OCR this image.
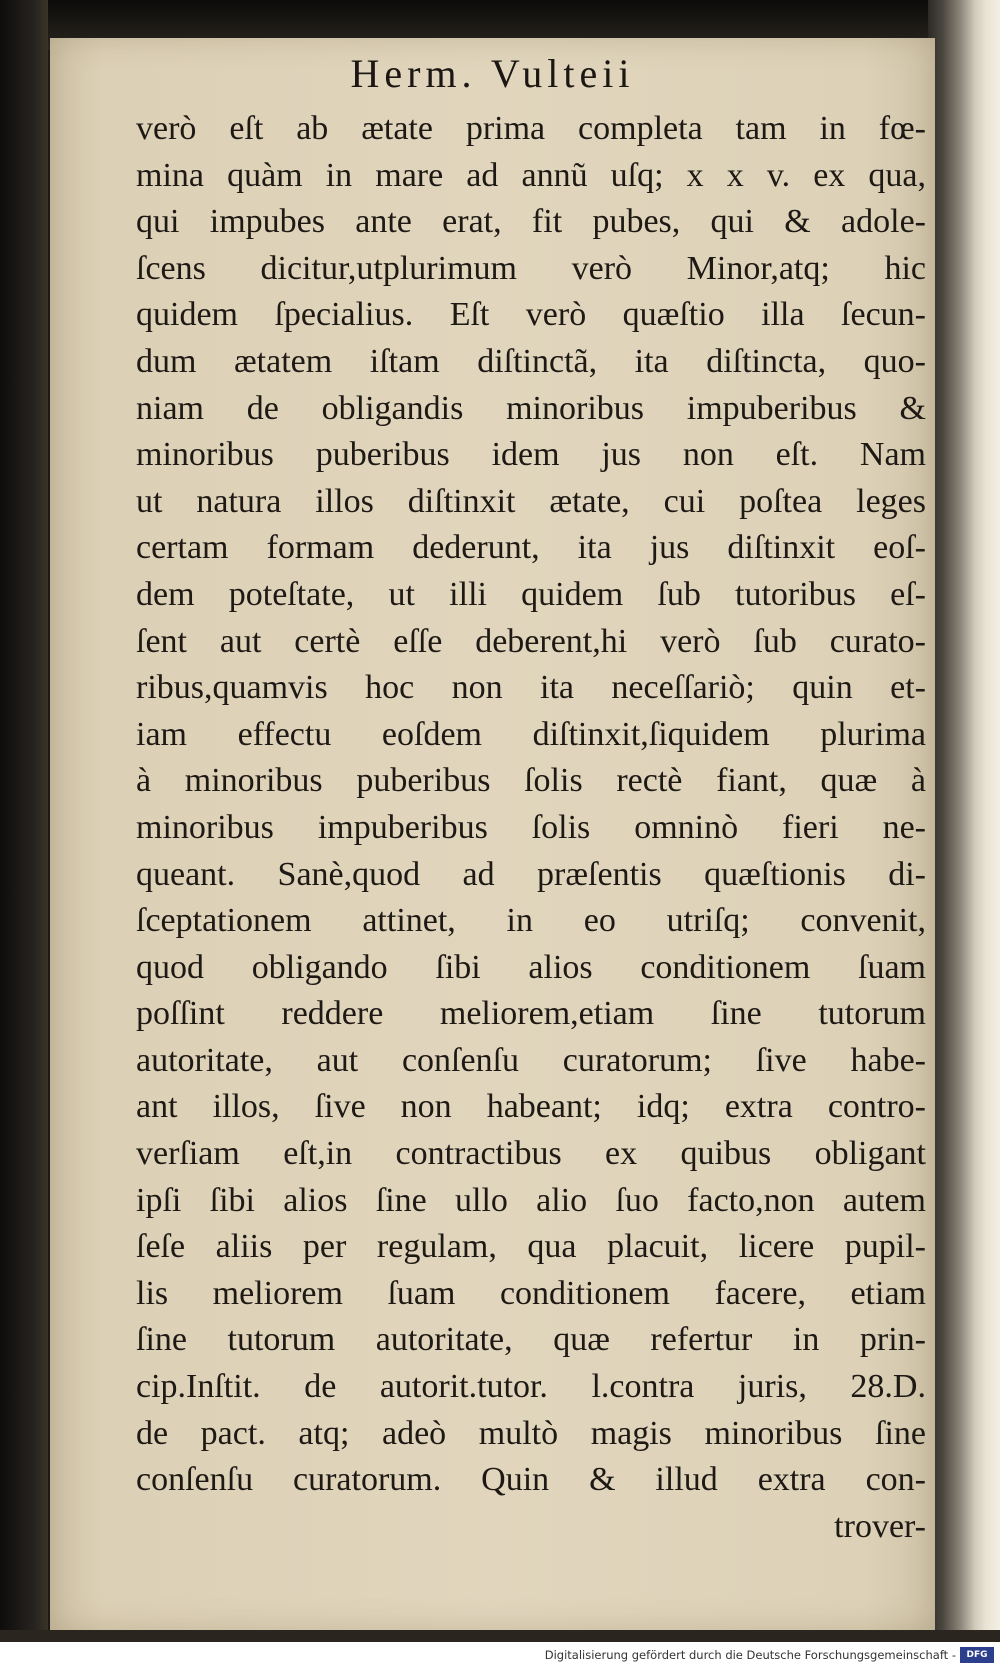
Herm. Vulteii
verò eſt ab ætate prima completa tam in fœ-
mina quàm in mare ad annũ uſq; x x v. ex qua,
qui impubes ante erat, fit pubes, qui & adole-
ſcens dicitur,utplurimum verò Minor,atq; hic
quidem ſpecialius. Eſt verò quæſtio illa ſecun-
dum ætatem iſtam diſtinctã, ita diſtincta, quo-
niam de obligandis minoribus impuberibus &
minoribus puberibus idem jus non eſt. Nam
ut natura illos diſtinxit ætate, cui poſtea leges
certam formam dederunt, ita jus diſtinxit eoſ-
dem poteſtate, ut illi quidem ſub tutoribus eſ-
ſent aut certè eſſe deberent,hi verò ſub curato-
ribus,quamvis hoc non ita neceſſariò; quin et-
iam effectu eoſdem diſtinxit,ſiquidem plurima
à minoribus puberibus ſolis rectè fiant, quæ à
minoribus impuberibus ſolis omninò fieri ne-
queant. Sanè,quod ad præſentis quæſtionis di-
ſceptationem attinet, in eo utriſq; convenit,
quod obligando ſibi alios conditionem ſuam
poſſint reddere meliorem,etiam ſine tutorum
autoritate, aut conſenſu curatorum; ſive habe-
ant illos, ſive non habeant; idq; extra contro-
verſiam eſt,in contractibus ex quibus obligant
ipſi ſibi alios ſine ullo alio ſuo facto,non autem
ſeſe aliis per regulam, qua placuit, licere pupil-
lis meliorem ſuam conditionem facere, etiam
ſine tutorum autoritate, quæ refertur in prin-
cip.Inſtit. de autorit.tutor. l.contra juris, 28.D.
de pact. atq; adeò multò magis minoribus ſine
conſenſu curatorum. Quin & illud extra con-
trover-
Digitalisierung gefördert durch die Deutsche Forschungsgemeinschaft -	DFG
